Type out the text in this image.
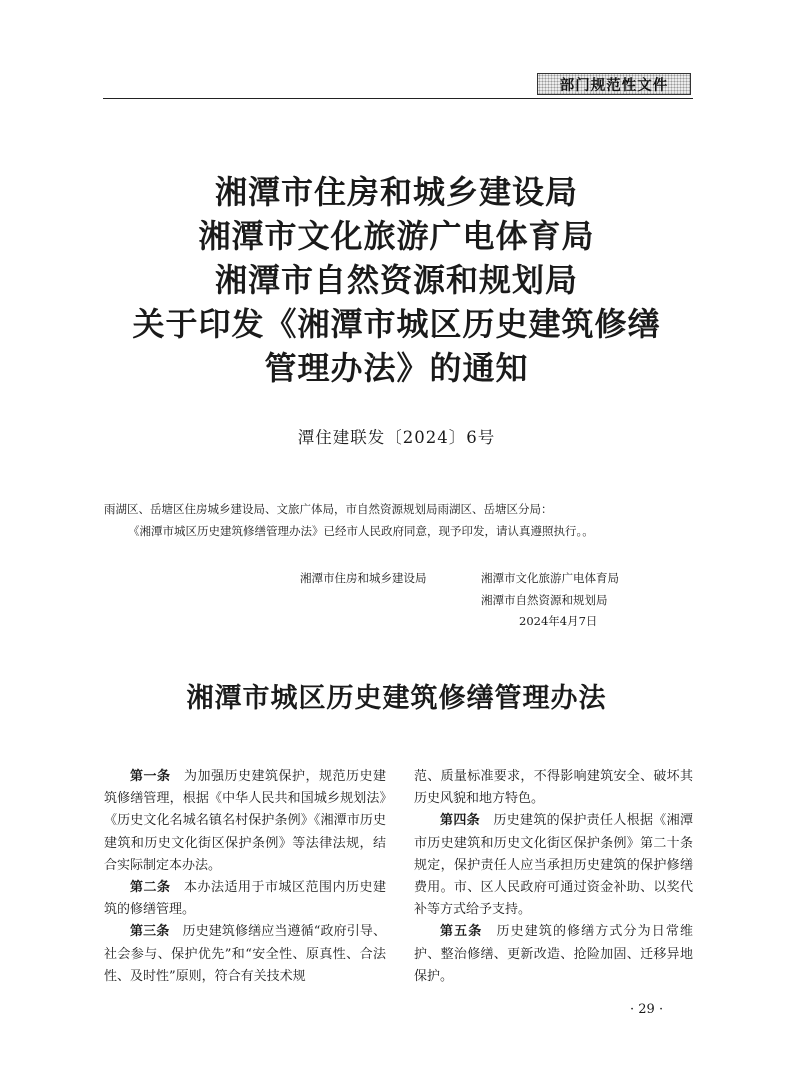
部门规范性文件
湘潭市住房和城乡建设局
湘潭市文化旅游广电体育局
湘潭市自然资源和规划局
关于印发《湘潭市城区历史建筑修缮
管理办法》的通知
潭住建联发〔2024〕6号
雨湖区、岳塘区住房城乡建设局、文旅广体局，市自然资源规划局雨湖区、岳塘区分局：
《湘潭市城区历史建筑修缮管理办法》已经市人民政府同意，现予印发，请认真遵照执行。。
湘潭市住房和城乡建设局	湘潭市文化旅游广电体育局
湘潭市自然资源和规划局
2024年4月7日
湘潭市城区历史建筑修缮管理办法

第一条　为加强历史建筑保护，规范历史建筑修缮管理，根据《中华人民共和国城乡规划法》《历史文化名城名镇名村保护条例》《湘潭市历史建筑和历史文化街区保护条例》等法律法规，结合实际制定本办法。

第二条　本办法适用于市城区范围内历史建筑的修缮管理。

第三条　历史建筑修缮应当遵循“政府引导、社会参与、保护优先”和“安全性、原真性、合法性、及时性”原则，符合有关技术规

范、质量标准要求，不得影响建筑安全、破坏其历史风貌和地方特色。

第四条　历史建筑的保护责任人根据《湘潭市历史建筑和历史文化街区保护条例》第二十条规定，保护责任人应当承担历史建筑的保护修缮费用。市、区人民政府可通过资金补助、以奖代补等方式给予支持。

第五条　历史建筑的修缮方式分为日常维护、整治修缮、更新改造、抢险加固、迁移异地保护。

· 29 ·
